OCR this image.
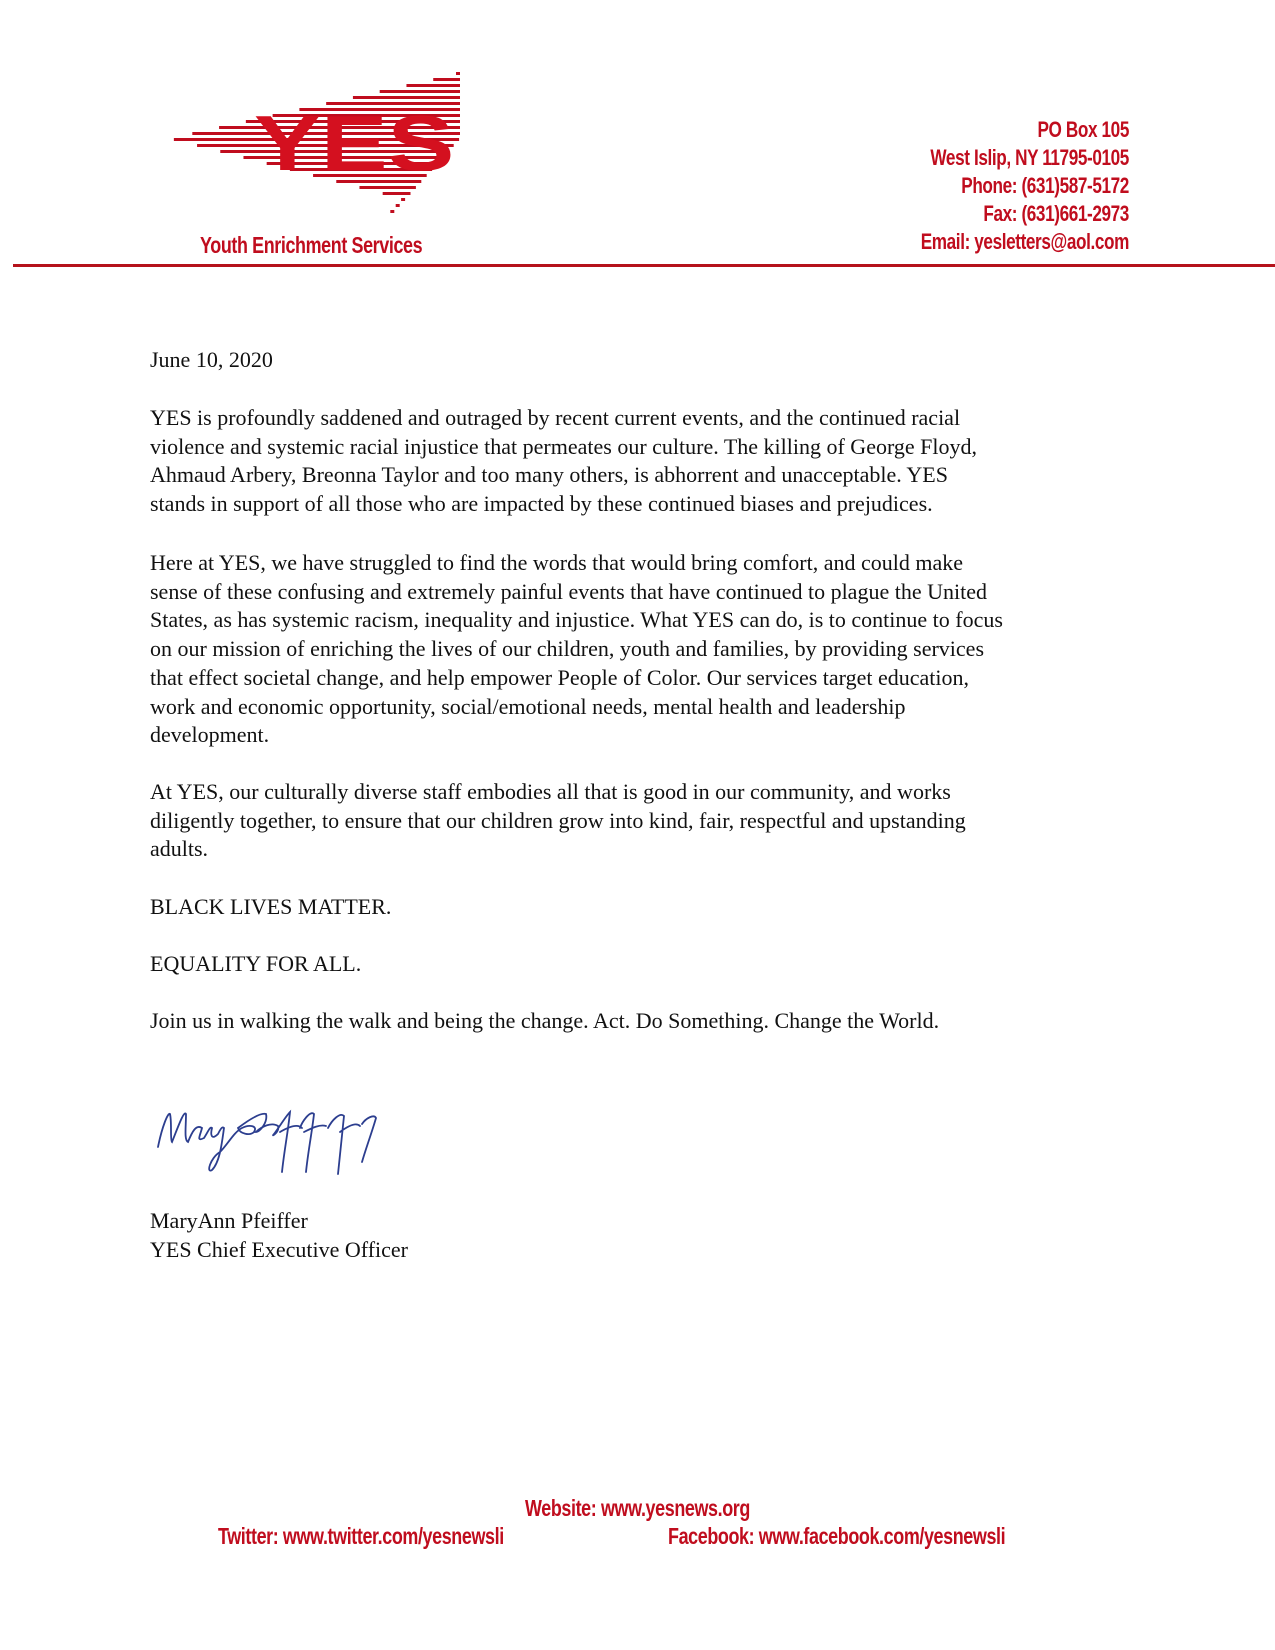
YES
Youth Enrichment Services
PO Box 105
West Islip, NY 11795-0105
Phone: (631)587-5172
Fax: (631)661-2973
Email: yesletters@aol.com
June 10, 2020
YES is profoundly saddened and outraged by recent current events, and the continued racial
violence and systemic racial injustice that permeates our culture. The killing of George Floyd,
Ahmaud Arbery, Breonna Taylor and too many others, is abhorrent and unacceptable. YES
stands in support of all those who are impacted by these continued biases and prejudices.
Here at YES, we have struggled to find the words that would bring comfort, and could make
sense of these confusing and extremely painful events that have continued to plague the United
States, as has systemic racism, inequality and injustice. What YES can do, is to continue to focus
on our mission of enriching the lives of our children, youth and families, by providing services
that effect societal change, and help empower People of Color. Our services target education,
work and economic opportunity, social/emotional needs, mental health and leadership
development.
At YES, our culturally diverse staff embodies all that is good in our community, and works
diligently together, to ensure that our children grow into kind, fair, respectful and upstanding
adults.
BLACK LIVES MATTER.
EQUALITY FOR ALL.
Join us in walking the walk and being the change. Act. Do Something. Change the World.
MaryAnn Pfeiffer
YES Chief Executive Officer
Website: www.yesnews.org
Twitter: www.twitter.com/yesnewsli	Facebook: www.facebook.com/yesnewsli
